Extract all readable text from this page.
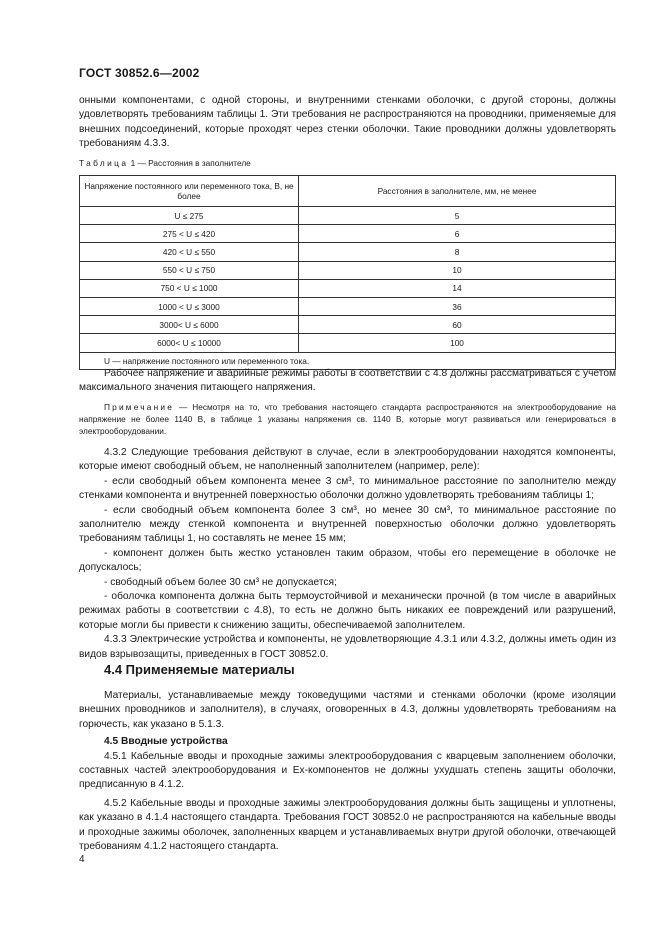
ГОСТ 30852.6—2002

онными компонентами, с одной стороны, и внутренними стенками оболочки, с другой стороны, должны удовлетворять требованиям таблицы 1. Эти требования не распространяются на проводники, применяемые для внешних подсоединений, которые проходят через стенки оболочки. Такие проводники должны удовлетворять требованиям 4.3.3.

Таблица 1 — Расстояния в заполнителе
Напряжение постоянного или переменного тока, В, не более	Расстояния в заполнителе, мм, не менее
U ≤ 275	5
275 < U ≤ 420	6
420 < U ≤ 550	8
550 < U ≤ 750	10
750 < U ≤ 1000	14
1000 < U ≤ 3000	36
3000< U ≤ 6000	60
6000< U ≤ 10000	100
U — напряжение постоянного или переменного тока.	

Рабочее напряжение и аварийные режимы работы в соответствии с 4.8 должны рассматриваться с учетом максимального значения питающего напряжения.

Примечание — Несмотря на то, что требования настоящего стандарта распространяются на электрооборудование на напряжение не более 1140 В, в таблице 1 указаны напряжения св. 1140 В, которые могут развиваться или генерироваться в электрооборудовании.

4.3.2 Следующие требования действуют в случае, если в электрооборудовании находятся компоненты, которые имеют свободный объем, не наполненный заполнителем (например, реле):

- если свободный объем компонента менее 3 см³, то минимальное расстояние по заполнителю между стенками компонента и внутренней поверхностью оболочки должно удовлетворять требованиям таблицы 1;

- если свободный объем компонента более 3 см³, но менее 30 см³, то минимальное расстояние по заполнителю между стенкой компонента и внутренней поверхностью оболочки должно удовлетворять требованиям таблицы 1, но составлять не менее 15 мм;

- компонент должен быть жестко установлен таким образом, чтобы его перемещение в оболочке не допускалось;

- свободный объем более 30 см³ не допускается;

- оболочка компонента должна быть термоустойчивой и механически прочной (в том числе в аварийных режимах работы в соответствии с 4.8), то есть не должно быть никаких ее повреждений или разрушений, которые могли бы привести к снижению защиты, обеспечиваемой заполнителем.

4.3.3 Электрические устройства и компоненты, не удовлетворяющие 4.3.1 или 4.3.2, должны иметь один из видов взрывозащиты, приведенных в ГОСТ 30852.0.

4.4 Применяемые материалы

Материалы, устанавливаемые между токоведущими частями и стенками оболочки (кроме изоляции внешних проводников и заполнителя), в случаях, оговоренных в 4.3, должны удовлетворять требованиям на горючесть, как указано в 5.1.3.

4.5 Вводные устройства

4.5.1 Кабельные вводы и проходные зажимы электрооборудования с кварцевым заполнением оболочки, составных частей электрооборудования и Ex-компонентов не должны ухудшать степень защиты оболочки, предписанную в 4.1.2.

4.5.2 Кабельные вводы и проходные зажимы электрооборудования должны быть защищены и уплотнены, как указано в 4.1.4 настоящего стандарта. Требования ГОСТ 30852.0 не распространяются на кабельные вводы и проходные зажимы оболочек, заполненных кварцем и устанавливаемых внутри другой оболочки, отвечающей требованиям 4.1.2 настоящего стандарта.

4
